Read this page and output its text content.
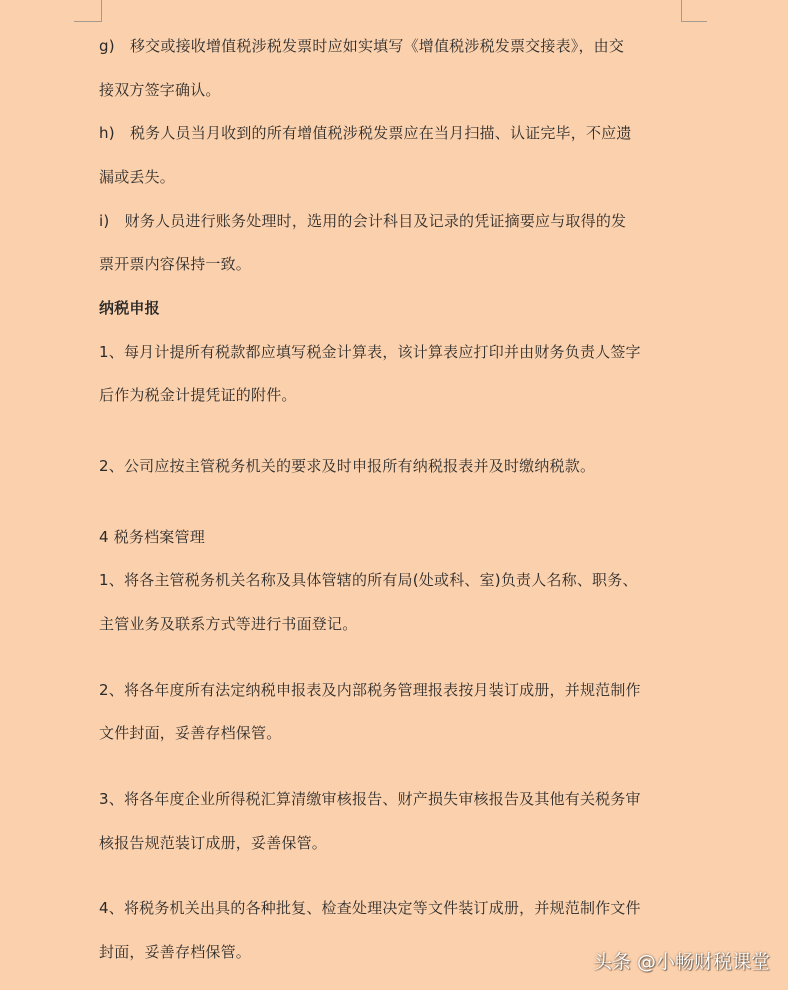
g)　移交或接收增值税涉税发票时应如实填写《增值税涉税发票交接表》，由交
接双方签字确认。
h)　税务人员当月收到的所有增值税涉税发票应在当月扫描、认证完毕，不应遗
漏或丢失。
i)　财务人员进行账务处理时，选用的会计科目及记录的凭证摘要应与取得的发
票开票内容保持一致。
纳税申报
1、每月计提所有税款都应填写税金计算表，该计算表应打印并由财务负责人签字
后作为税金计提凭证的附件。
2、公司应按主管税务机关的要求及时申报所有纳税报表并及时缴纳税款。
4 税务档案管理
1、将各主管税务机关名称及具体管辖的所有局(处或科、室)负责人名称、职务、
主管业务及联系方式等进行书面登记。
2、将各年度所有法定纳税申报表及内部税务管理报表按月装订成册，并规范制作
文件封面，妥善存档保管。
3、将各年度企业所得税汇算清缴审核报告、财产损失审核报告及其他有关税务审
核报告规范装订成册，妥善保管。
4、将税务机关出具的各种批复、检查处理决定等文件装订成册，并规范制作文件
封面，妥善存档保管。	头条 @小畅财税课堂
